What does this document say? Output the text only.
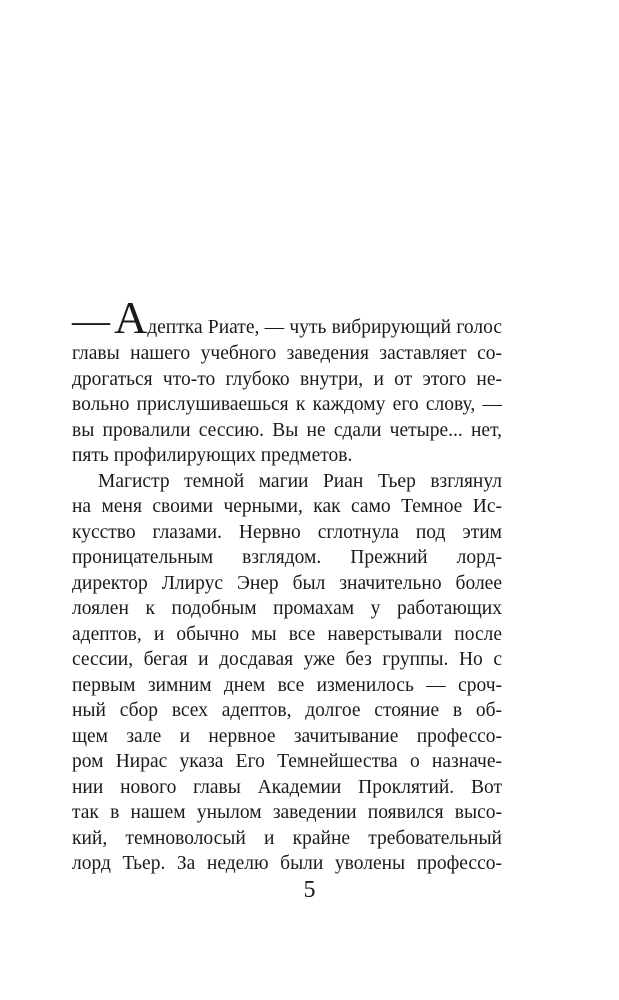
— А дептка Риате, — чуть вибрирующий голос
главы нашего учебного заведения заставляет со-
дрогаться что-то глубоко внутри, и от этого не-
вольно прислушиваешься к каждому его слову, —
вы провалили сессию. Вы не сдали четыре... нет,
пять профилирующих предметов.
Магистр темной магии Риан Тьер взглянул
на меня своими черными, как само Темное Ис-
кусство глазами. Нервно сглотнула под этим
проницательным взглядом. Прежний лорд-
директор Ллирус Энер был значительно более
лоялен к подобным промахам у работающих
адептов, и обычно мы все наверстывали после
сессии, бегая и досдавая уже без группы. Но с
первым зимним днем все изменилось — сроч-
ный сбор всех адептов, долгое стояние в об-
щем зале и нервное зачитывание профессо-
ром Нирас указа Его Темнейшества о назначе-
нии нового главы Академии Проклятий. Вот
так в нашем унылом заведении появился высо-
кий, темноволосый и крайне требовательный
лорд Тьер. За неделю были уволены профессо-
5
